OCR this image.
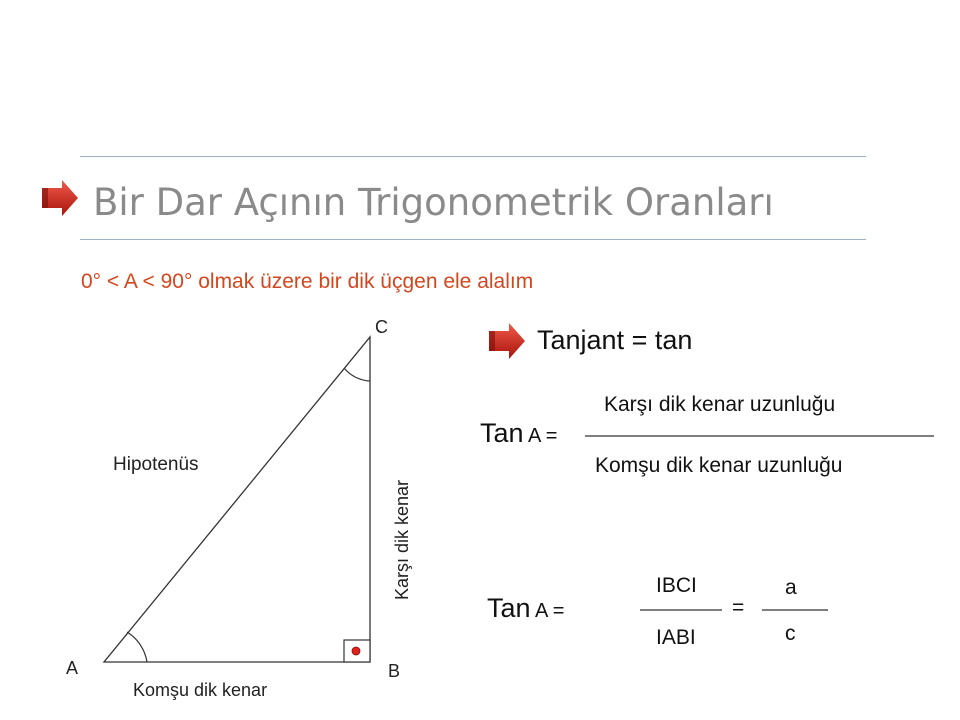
Bir Dar Açının Trigonometrik Oranları
0° < A < 90° olmak üzere bir dik üçgen ele alalım
C
A	B
Hipotenüs
Komşu dik kenar
Karşı dik kenar
Tanjant = tan
Tan A =
Karşı dik kenar uzunluğu
Komşu dik kenar uzunluğu
Tan A =
IBCI
IABI
=
a
c
